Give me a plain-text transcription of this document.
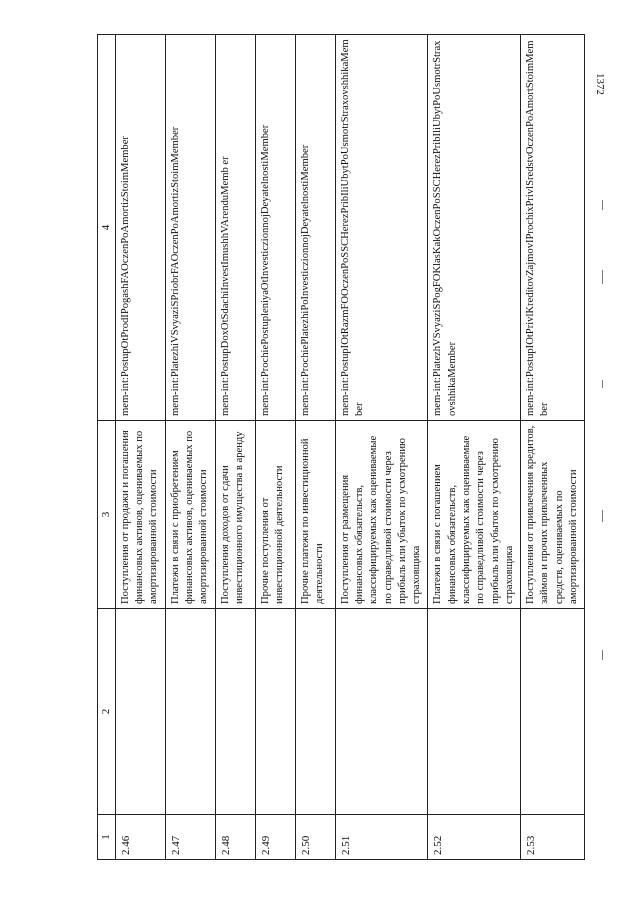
1372
1	2	3	4
2.46		Поступления от продажи и погашения финансовых активов, оцениваемых по амортизированной стоимости	mem-int:PostupOtProdIPogashFAOczenPoAmortizStoimMember
2.47		Платежи в связи с приобретением финансовых активов, оцениваемых по амортизированной стоимости	mem-int:PlatezhiVSvyaziSPriobrFAOczenPoAmortizStoimMember
2.48		Поступления доходов от сдачи инвестиционного имущества в аренду	mem-int:PostupDoxOtSdachiInvestImushhVArenduMemb er
2.49		Прочие поступления от инвестиционной деятельности	mem-int:ProchiePostupleniyaOtInvesticzionnojDeyatelnostiMember
2.50		Прочие платежи по инвестиционной деятельности	mem-int:ProchiePlatezhiPoInvesticzionnojDeyatelnostiMember
2.51		Поступления от размещения финансовых обязательств, классифицируемых как оцениваемые по справедливой стоимости через прибыль или убыток по усмотрению страховщика	mem-int:PostupIOtRazmFOOczenPoSSCHerezPribIliUbytPoUsmotrStraxovshhikaMember
2.52		Платежи в связи с погашением финансовых обязательств, классифицируемых как оцениваемые по справедливой стоимости через прибыль или убыток по усмотрению страховщика	mem-int:PlatezhVSvyaziSPogFOKlasKakOczenPoSSCHerezPribIliUbytPoUsmotrStraxovshhikaMember
2.53		Поступления от привлечения кредитов, займов и прочих привлеченных средств, оцениваемых по амортизированной стоимости	mem-int:PostupIOtPrivlKreditovZajmovIProchixPrivlSredstvOczenPoAmortStoimMember
